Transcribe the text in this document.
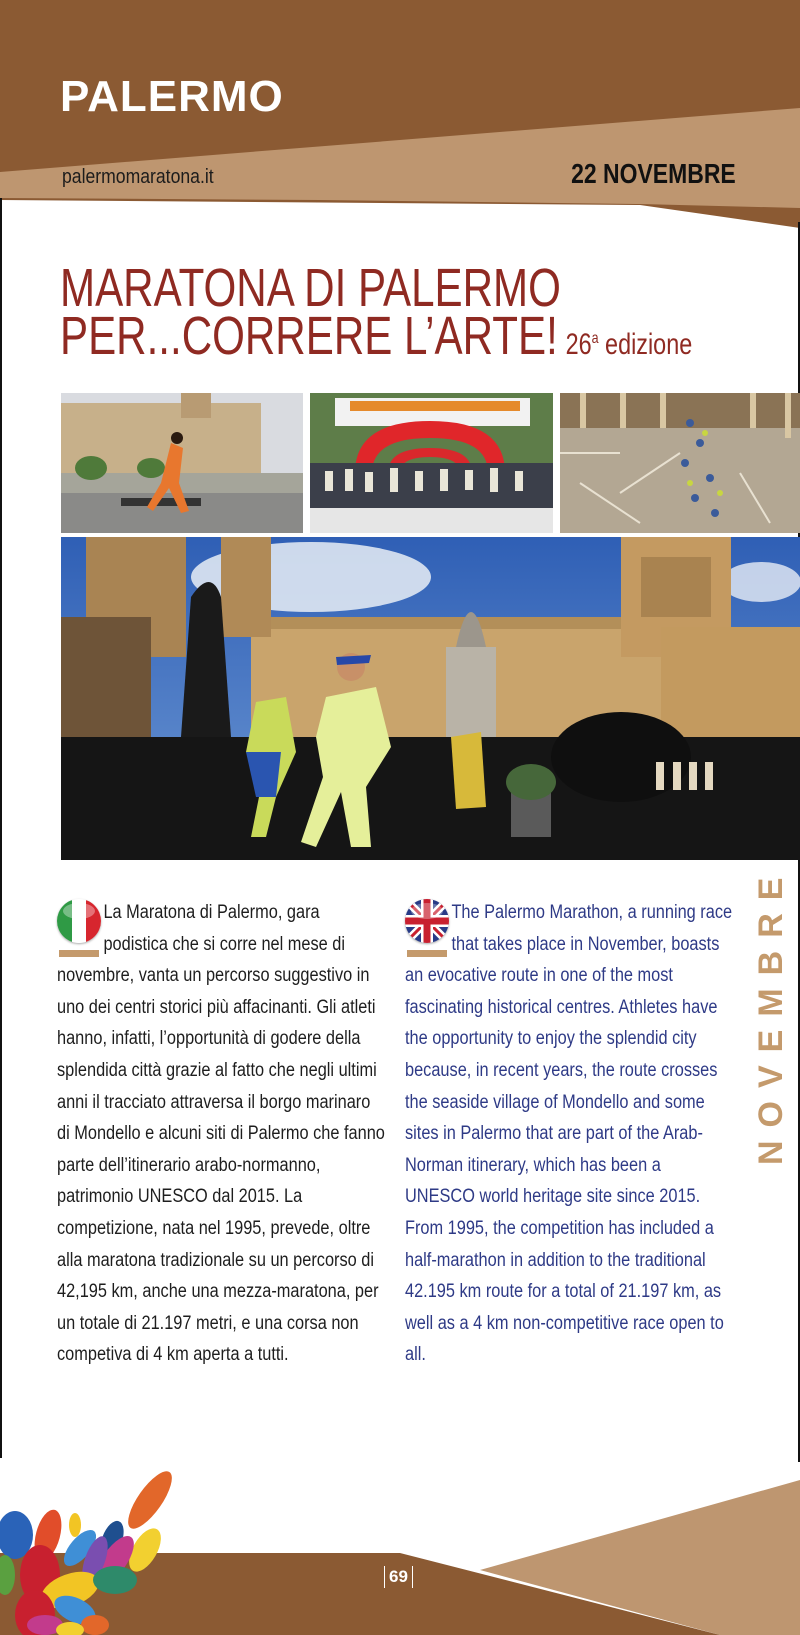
PALERMO
palermomaratona.it	22 NOVEMBRE
MARATONA DI PALERMO
PER...CORRERE L’ARTE! 26$^a$ edizione

La Maratona di Palermo, gara podistica che si corre nel mese di novembre, vanta un percorso suggestivo in uno dei centri storici più affacinanti. Gli atleti hanno, infatti, l’opportunità di godere della splendida città grazie al fatto che negli ultimi anni il tracciato attraversa il borgo marinaro di Mondello e alcuni siti di Palermo che fanno parte dell’itinerario arabo-normanno, patrimonio UNESCO dal 2015. La competizione, nata nel 1995, prevede, oltre alla maratona tradizionale su un percorso di 42,195 km, anche una mezza-maratona, per un totale di 21.197 metri, e una corsa non competiva di 4 km aperta a tutti.

The Palermo Marathon, a running race that takes place in November, boasts an evocative route in one of the most fascinating historical centres. Athletes have the opportunity to enjoy the splendid city because, in recent years, the route crosses the seaside village of Mondello and some sites in Palermo that are part of the Arab-Norman itinerary, which has been a UNESCO world heritage site since 2015. From 1995, the competition has included a half-marathon in addition to the traditional 42.195 km route for a total of 21.197 km, as well as a 4 km non-competitive race open to all.

NOVEMBRE
69
